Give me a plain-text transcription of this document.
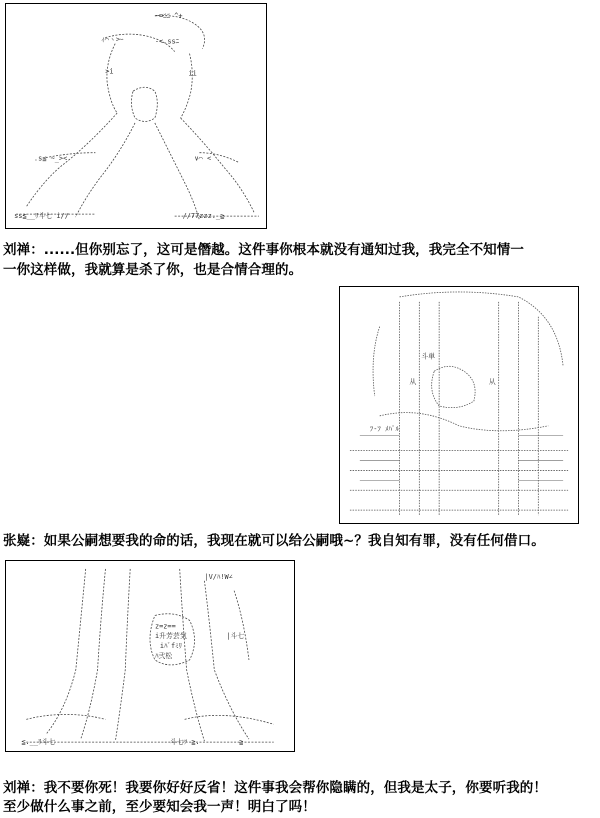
~=ﾆﾆ ^+
ｨ⌒ヽ>ｰ	-<.ssﾆ
>i	ii
.s≦ ~_><	∨⌒ <
ss≦__ﾘ斗七 i//	//77zzz._≧
刘禅：......但你别忘了，这可是僭越。这件事你根本就没有通知过我，我完全不知情一
一你这样做，我就算是杀了你，也是合情合理的。
斗単
从	从
ﾌ-ﾌ ﾒﾊﾟﾙ
张嶷：如果公嗣想要我的命的话，我现在就可以给公嗣哦~？我自知有罪，没有任何借口。
|V/ﾊ!W∠
z=z==
i升芳芸気
iﾊﾞfﾐﾘ
ﾊ弐松
|斗七
≦.__ﾘ斗七	斗七ﾂ ≧.	≧
刘禅：我不要你死！我要你好好反省！这件事我会帮你隐瞒的，但我是太子，你要听我的！
至少做什么事之前，至少要知会我一声！明白了吗！
